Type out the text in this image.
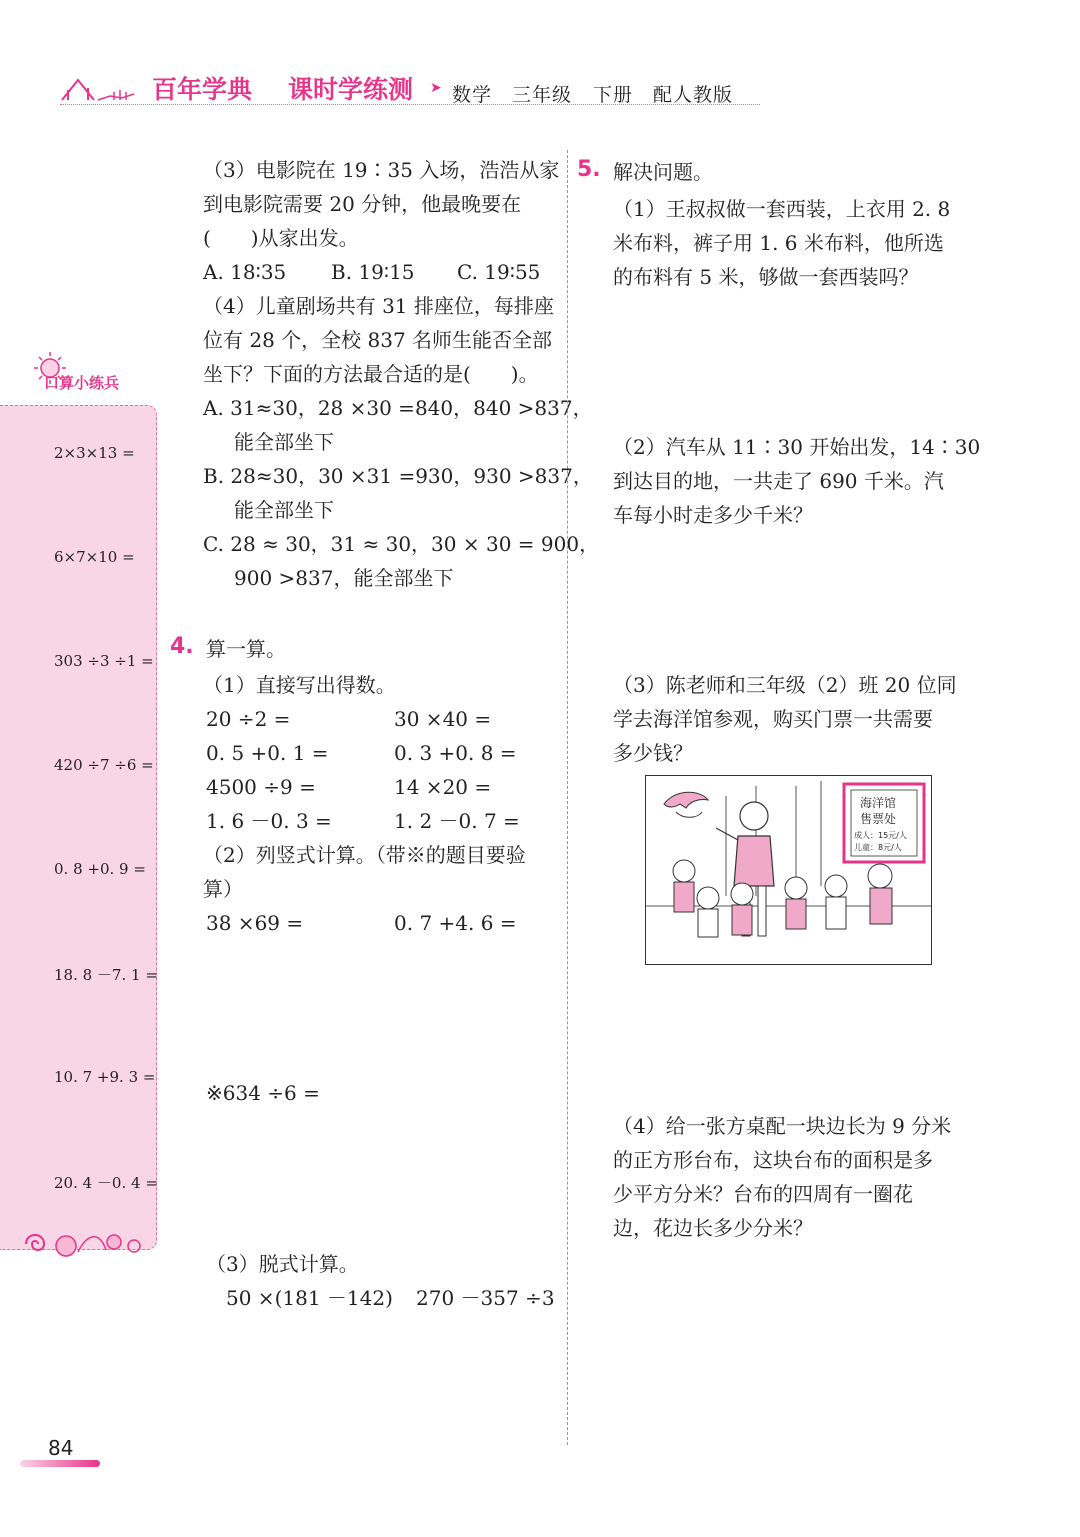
百年学典 课时学练测 ➤ 数学 三年级 下册 配人教版
口算小练兵
2×3×13 =
6×7×10 =
303 ÷3 ÷1 =
420 ÷7 ÷6 =
0. 8 +0. 9 =
18. 8 －7. 1 =
10. 7 +9. 3 =
20. 4 －0. 4 =
（3）电影院在 19∶35 入场，浩浩从家
到电影院需要 20 分钟，他最晚要在
(　　)从家出发。
A. 18∶35 B. 19∶15 C. 19∶55
（4）儿童剧场共有 31 排座位，每排座
位有 28 个，全校 837 名师生能否全部
坐下？下面的方法最合适的是(　　)。
A. 31≈30，28 ×30 =840，840 >837，
能全部坐下
B. 28≈30，30 ×31 =930，930 >837，
能全部坐下
C. 28 ≈ 30，31 ≈ 30，30 × 30 = 900，
900 >837，能全部坐下
4. 算一算。
（1）直接写出得数。
20 ÷2 =	30 ×40 =
0. 5 +0. 1 =	0. 3 +0. 8 =
4500 ÷9 =	14 ×20 =
1. 6 －0. 3 =	1. 2 －0. 7 =
（2）列竖式计算。（带※的题目要验
算）
38 ×69 =	0. 7 +4. 6 =
※634 ÷6 =
（3）脱式计算。
50 ×(181 －142) 270 －357 ÷3
5. 解决问题。
（1）王叔叔做一套西装，上衣用 2. 8
米布料，裤子用 1. 6 米布料，他所选
的布料有 5 米，够做一套西装吗？
（2）汽车从 11∶30 开始出发，14∶30
到达目的地，一共走了 690 千米。汽
车每小时走多少千米？
（3）陈老师和三年级（2）班 20 位同
学去海洋馆参观，购买门票一共需要
多少钱？
海洋馆
售票处
成人：15元/人
儿童：8元/人
（4）给一张方桌配一块边长为 9 分米
的正方形台布，这块台布的面积是多
少平方分米？台布的四周有一圈花
边，花边长多少分米？
84
